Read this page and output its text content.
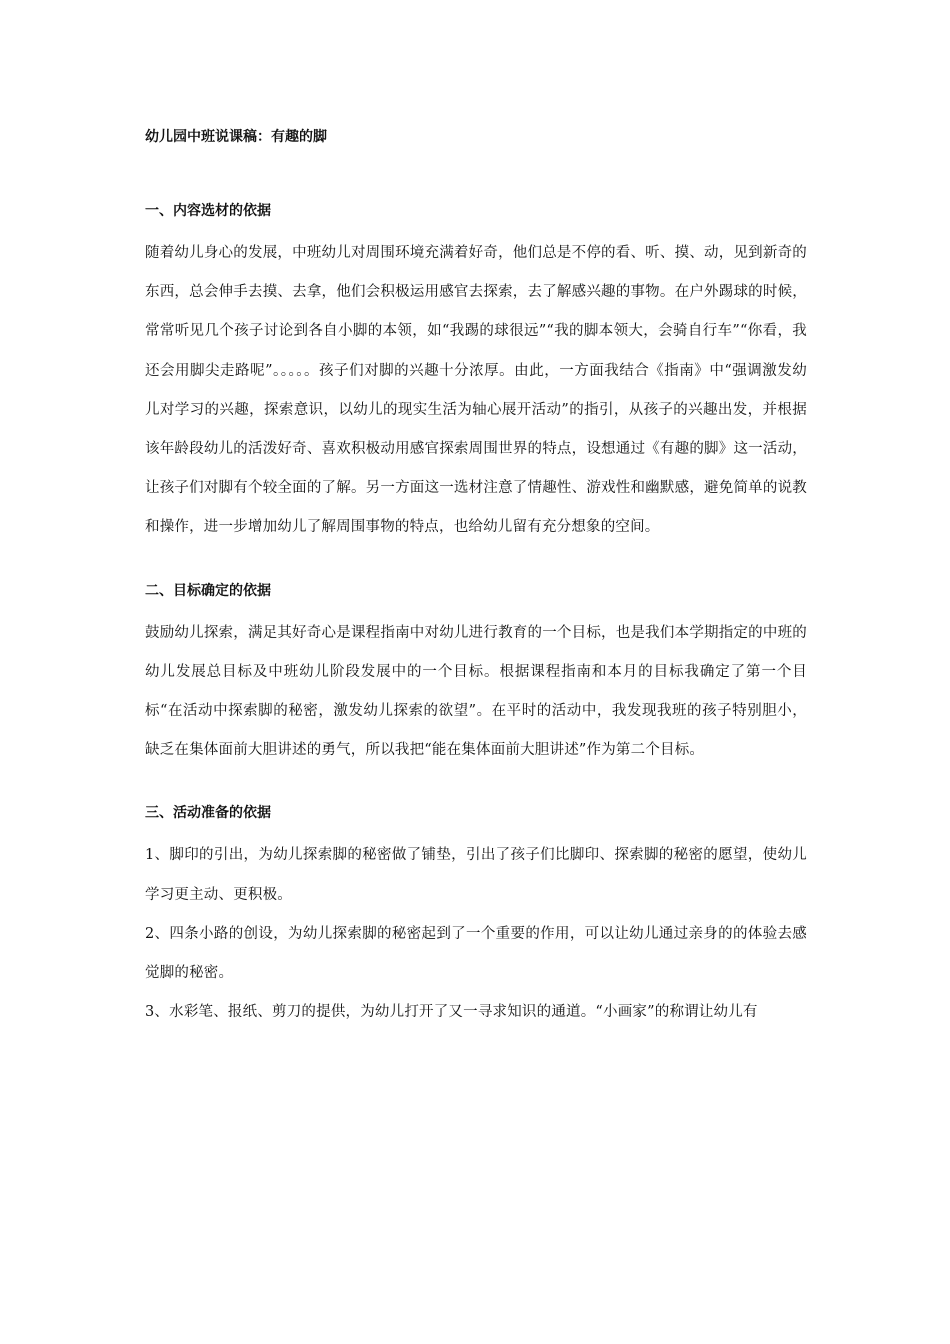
幼儿园中班说课稿：有趣的脚
一、内容选材的依据

随着幼儿身心的发展，中班幼儿对周围环境充满着好奇，他们总是不停的看、听、摸、动，见到新奇的东西，总会伸手去摸、去拿，他们会积极运用感官去探索，去了解感兴趣的事物。在户外踢球的时候，常常听见几个孩子讨论到各自小脚的本领，如“我踢的球很远”“我的脚本领大，会骑自行车”“你看，我还会用脚尖走路呢”。。。。。孩子们对脚的兴趣十分浓厚。由此，一方面我结合《指南》中“强调激发幼儿对学习的兴趣，探索意识，以幼儿的现实生活为轴心展开活动”的指引，从孩子的兴趣出发，并根据该年龄段幼儿的活泼好奇、喜欢积极动用感官探索周围世界的特点，设想通过《有趣的脚》这一活动，让孩子们对脚有个较全面的了解。另一方面这一选材注意了情趣性、游戏性和幽默感，避免简单的说教和操作，进一步增加幼儿了解周围事物的特点，也给幼儿留有充分想象的空间。

二、目标确定的依据

鼓励幼儿探索，满足其好奇心是课程指南中对幼儿进行教育的一个目标，也是我们本学期指定的中班的幼儿发展总目标及中班幼儿阶段发展中的一个目标。根据课程指南和本月的目标我确定了第一个目标“在活动中探索脚的秘密，激发幼儿探索的欲望”。在平时的活动中，我发现我班的孩子特别胆小，缺乏在集体面前大胆讲述的勇气，所以我把“能在集体面前大胆讲述”作为第二个目标。

三、活动准备的依据

1、脚印的引出，为幼儿探索脚的秘密做了铺垫，引出了孩子们比脚印、探索脚的秘密的愿望，使幼儿学习更主动、更积极。

2、四条小路的创设，为幼儿探索脚的秘密起到了一个重要的作用，可以让幼儿通过亲身的的体验去感觉脚的秘密。

3、水彩笔、报纸、剪刀的提供，为幼儿打开了又一寻求知识的通道。“小画家”的称谓让幼儿有
